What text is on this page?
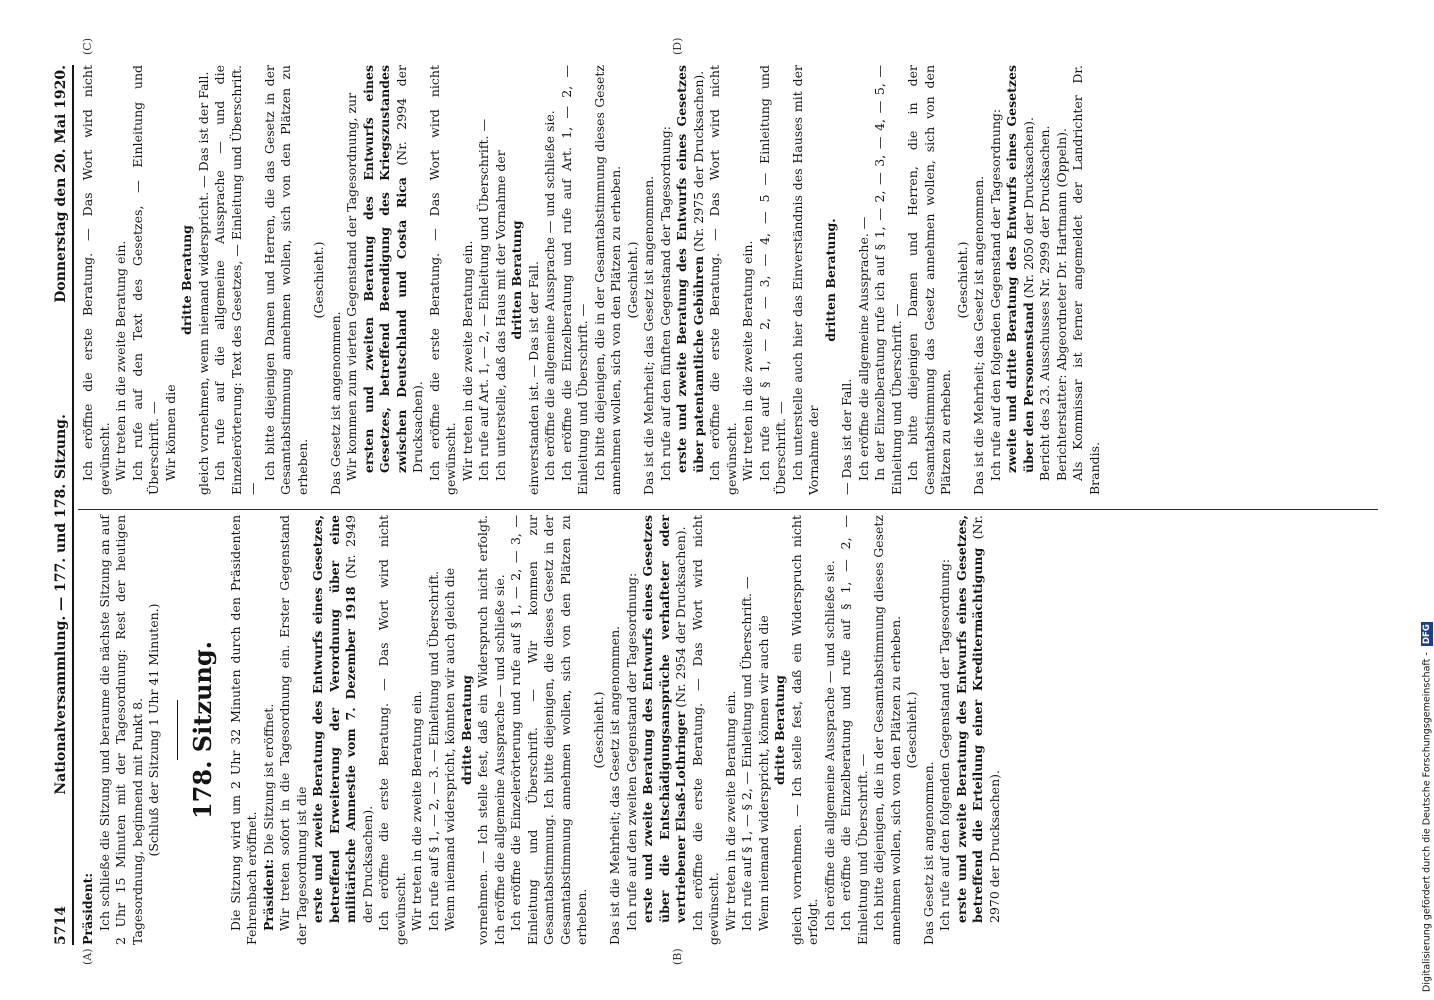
5714
Nationalversammlung. — 177. und 178. Sitzung.
Donnerstag den 20. Mai 1920.
(A)	(B)
(C)	(D)

Präsident: Ich schließe die Sitzung und beraume die nächste Sitzung an auf 2 Uhr 15 Minuten mit der Tagesordnung: Rest der heutigen Tagesordnung, beginnend mit Punkt 8. (Schluß der Sitzung 1 Uhr 41 Minuten.) 178. Sitzung. Die Sitzung wird um 2 Uhr 32 Minuten durch den Präsidenten Fehrenbach eröffnet. Präsident: Die Sitzung ist eröffnet. Wir treten sofort in die Tagesordnung ein. Erster Gegenstand der Tagesordnung ist die erste und zweite Beratung des Entwurfs eines Gesetzes, betreffend Erweiterung der Verordnung über eine militärische Amnestie vom 7. Dezember 1918 (Nr. 2949 der Drucksachen). Ich eröffne die erste Beratung. — Das Wort wird nicht gewünscht. Wir treten in die zweite Beratung ein. Ich rufe auf § 1, — 2, — 3. — Einleitung und Überschrift. Wenn niemand widerspricht, könnten wir auch gleich die dritte Beratung vornehmen. — Ich stelle fest, daß ein Widerspruch nicht erfolgt. Ich eröffne die allgemeine Aussprache — und schließe sie. Ich eröffne die Einzelerörterung und rufe auf § 1, — 2, — 3, — Einleitung und Überschrift. — Wir kommen zur Gesamtabstimmung. Ich bitte diejenigen, die dieses Gesetz in der Gesamtabstimmung annehmen wollen, sich von den Plätzen zu erheben.

(Geschieht.) Das ist die Mehrheit; das Gesetz ist angenommen. Ich rufe auf den zweiten Gegenstand der Tagesordnung: erste und zweite Beratung des Entwurfs eines Gesetzes über die Entschädigungsansprüche verhafteter oder vertriebener Elsaß-Lothringer (Nr. 2954 der Drucksachen). Ich eröffne die erste Beratung. — Das Wort wird nicht gewünscht. Wir treten in die zweite Beratung ein. Ich rufe auf § 1, — § 2, — Einleitung und Überschrift. — Wenn niemand widerspricht, können wir auch die dritte Beratung gleich vornehmen. — Ich stelle fest, daß ein Widerspruch nicht erfolgt. Ich eröffne die allgemeine Aussprache — und schließe sie. Ich eröffne die Einzelberatung und rufe auf § 1, — 2, — Einleitung und Überschrift. — Ich bitte diejenigen, die in der Gesamtabstimmung dieses Gesetz annehmen wollen, sich von den Plätzen zu erheben. (Geschieht.)

Das Gesetz ist angenommen. Ich rufe auf den folgenden Gegenstand der Tagesordnung: erste und zweite Beratung des Entwurfs eines Gesetzes, betreffend die Erteilung einer Kreditermächtigung (Nr. 2970 der Drucksachen).

Ich eröffne die erste Beratung. — Das Wort wird nicht gewünscht. Wir treten in die zweite Beratung ein. Ich rufe auf den Text des Gesetzes, — Einleitung und Überschrift. — Wir können die

dritte Beratung gleich vornehmen, wenn niemand widerspricht. — Das ist der Fall. Ich rufe auf die allgemeine Aussprache — und die Einzelerörterung: Text des Gesetzes, — Einleitung und Überschrift. —

Ich bitte diejenigen Damen und Herren, die das Gesetz in der Gesamtabstimmung annehmen wollen, sich von den Plätzen zu erheben.

(Geschieht.)

Das Gesetz ist angenommen. Wir kommen zum vierten Gegenstand der Tagesordnung, zur ersten und zweiten Beratung des Entwurfs eines Gesetzes, betreffend Beendigung des Kriegszustandes zwischen Deutschland und Costa Rica (Nr. 2994 der Drucksachen). Ich eröffne die erste Beratung. — Das Wort wird nicht gewünscht. Wir treten in die zweite Beratung ein. Ich rufe auf Art. 1, — 2, — Einleitung und Überschrift. — Ich unterstelle, daß das Haus mit der Vornahme der dritten Beratung einverstanden ist. — Das ist der Fall. Ich eröffne die allgemeine Aussprache — und schließe sie. Ich eröffne die Einzelberatung und rufe auf Art. 1, — 2, — Einleitung und Überschrift. — Ich bitte diejenigen, die in der Gesamtabstimmung dieses Gesetz annehmen wollen, sich von den Plätzen zu erheben. (Geschieht.) Das ist die Mehrheit; das Gesetz ist angenommen. Ich rufe auf den fünften Gegenstand der Tagesordnung: erste und zweite Beratung des Entwurfs eines Gesetzes über patentamtliche Gebühren (Nr. 2975 der Drucksachen). Ich eröffne die erste Beratung. — Das Wort wird nicht gewünscht. Wir treten in die zweite Beratung ein. Ich rufe auf § 1, — 2, — 3, — 4, — 5 — Einleitung und Überschrift. — Ich unterstelle auch hier das Einverständnis des Hauses mit der Vornahme der

dritten Beratung.

— Das ist der Fall. Ich eröffne die allgemeine Aussprache. — In der Einzelberatung rufe ich auf § 1, — 2, — 3, — 4, — 5, — Einleitung und Überschrift. — Ich bitte diejenigen Damen und Herren, die in der Gesamtabstimmung das Gesetz annehmen wollen, sich von den Plätzen zu erheben.

(Geschieht.) Das ist die Mehrheit; das Gesetz ist angenommen. Ich rufe auf den folgenden Gegenstand der Tagesordnung: zweite und dritte Beratung des Entwurfs eines Gesetzes über den Personenstand (Nr. 2050 der Drucksachen). Bericht des 23. Ausschusses Nr. 2999 der Drucksachen. Berichterstatter: Abgeordneter Dr. Hartmann (Oppeln). Als Kommissar ist ferner angemeldet der Landrichter Dr. Brandis.

Digitalisierung gefördert durch die Deutsche Forschungsgemeinschaft -
DFG
